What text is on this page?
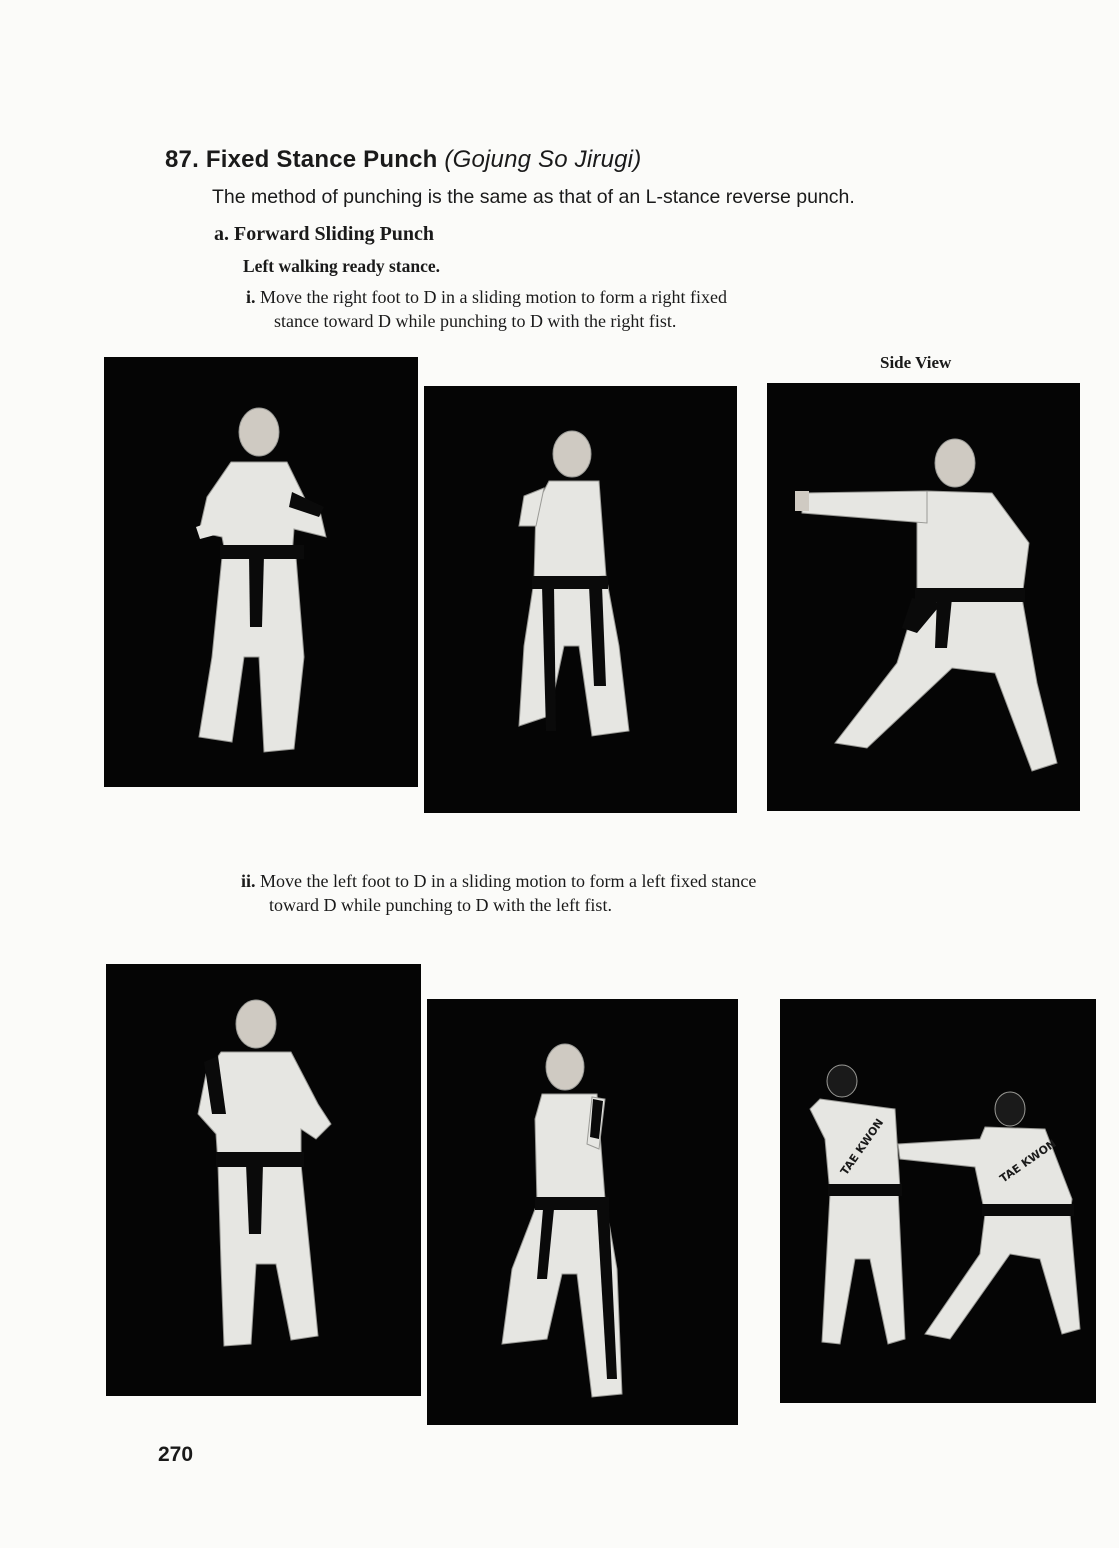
87. Fixed Stance Punch (Gojung So Jirugi)
The method of punching is the same as that of an L-stance reverse punch.
a. Forward Sliding Punch
Left walking ready stance.
i. Move the right foot to D in a sliding motion to form a right fixed
stance toward D while punching to D with the right fist.
Side View
ii. Move the left foot to D in a sliding motion to form a left fixed stance
toward D while punching to D with the left fist.
TAE KWON	TAE KWON
270
